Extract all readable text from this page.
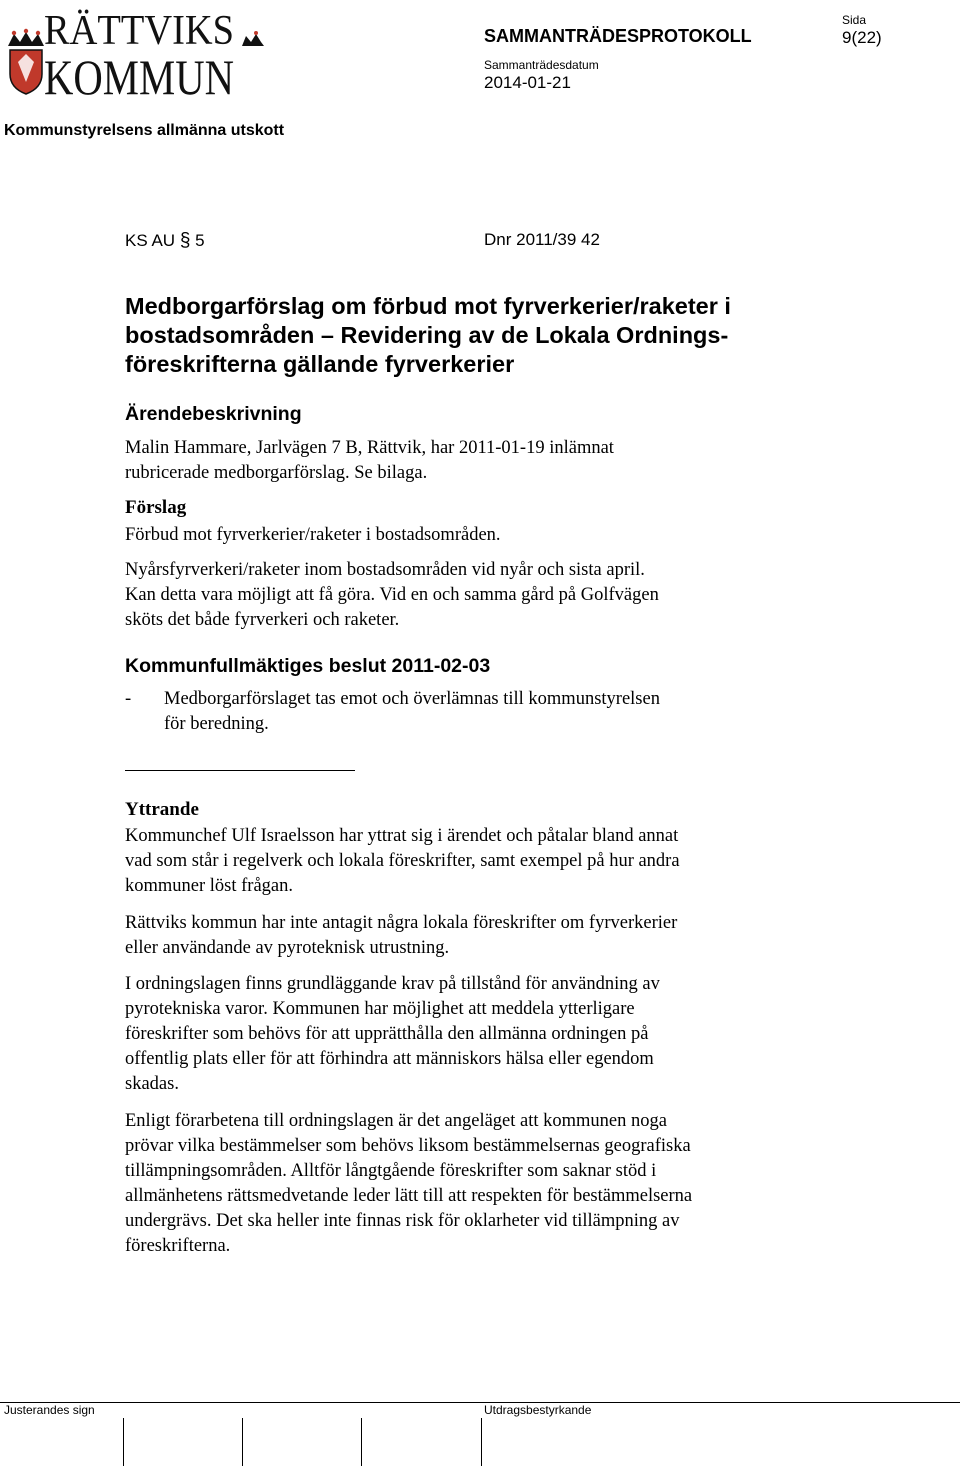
RÄTTVIKS
KOMMUN
SAMMANTRÄDESPROTOKOLL
Sida
9(22)
Sammanträdesdatum
2014-01-21
Kommunstyrelsens allmänna utskott
KS AU § 5	Dnr 2011/39 42
Medborgarförslag om förbud mot fyrverkerier/raketer i
bostadsområden – Revidering av de Lokala Ordnings-
föreskrifterna gällande fyrverkerier
Ärendebeskrivning
Malin Hammare, Jarlvägen 7 B, Rättvik, har 2011-01-19 inlämnat
rubricerade medborgarförslag. Se bilaga.
Förslag
Förbud mot fyrverkerier/raketer i bostadsområden.
Nyårsfyrverkeri/raketer inom bostadsområden vid nyår och sista april.
Kan detta vara möjligt att få göra. Vid en och samma gård på Golfvägen
sköts det både fyrverkeri och raketer.
Kommunfullmäktiges beslut 2011-02-03
- Medborgarförslaget tas emot och överlämnas till kommunstyrelsen
för beredning.
Yttrande
Kommunchef Ulf Israelsson har yttrat sig i ärendet och påtalar bland annat
vad som står i regelverk och lokala föreskrifter, samt exempel på hur andra
kommuner löst frågan.
Rättviks kommun har inte antagit några lokala föreskrifter om fyrverkerier
eller användande av pyroteknisk utrustning.
I ordningslagen finns grundläggande krav på tillstånd för användning av
pyrotekniska varor. Kommunen har möjlighet att meddela ytterligare
föreskrifter som behövs för att upprätthålla den allmänna ordningen på
offentlig plats eller för att förhindra att människors hälsa eller egendom
skadas.
Enligt förarbetena till ordningslagen är det angeläget att kommunen noga
prövar vilka bestämmelser som behövs liksom bestämmelsernas geografiska
tillämpningsområden. Alltför långtgående föreskrifter som saknar stöd i
allmänhetens rättsmedvetande leder lätt till att respekten för bestämmelserna
undergrävs. Det ska heller inte finnas risk för oklarheter vid tillämpning av
föreskrifterna.
Justerandes sign	Utdragsbestyrkande
